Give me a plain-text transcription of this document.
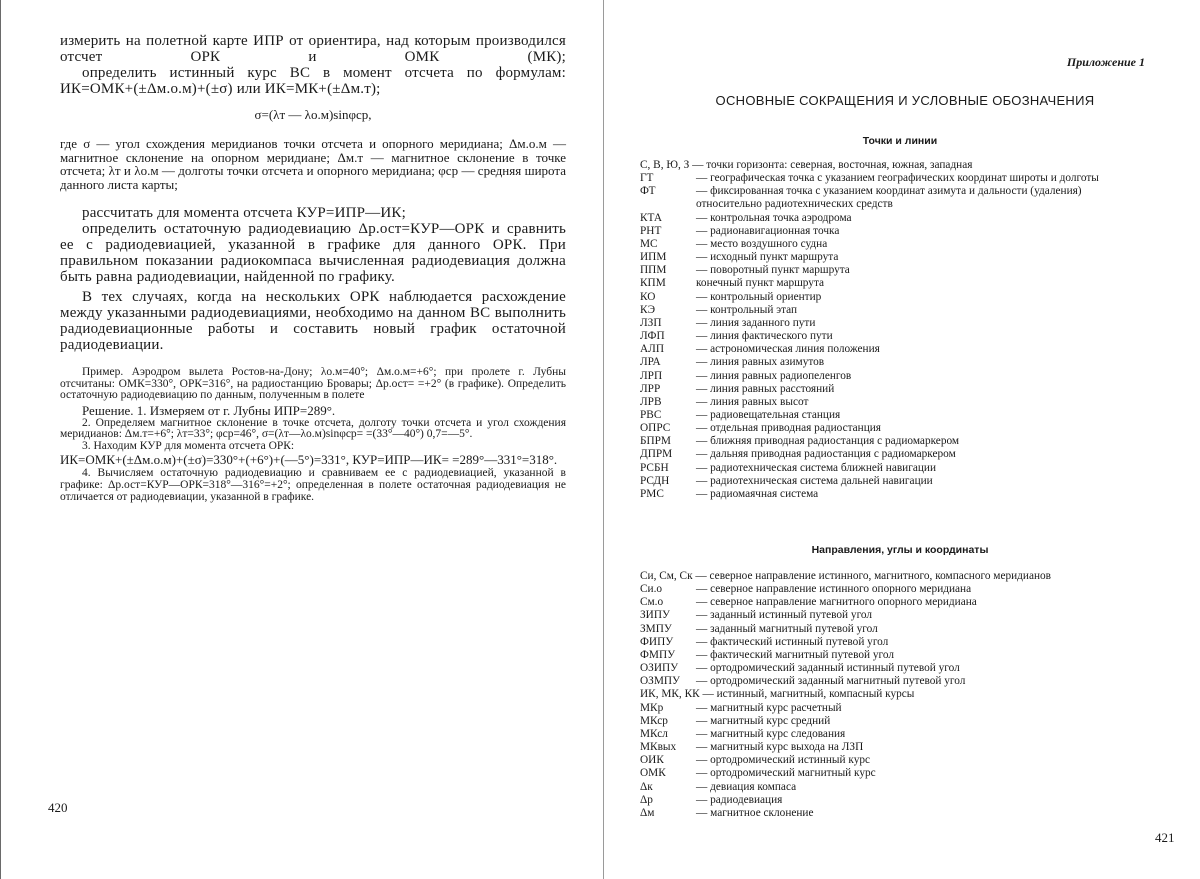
измерить на полетной карте ИПР от ориентира, над которым производился отсчет ОРК и ОМК (МК);

определить истинный курс ВС в момент отсчета по формулам: ИК=ОМК+(±Δм.о.м)+(±σ) или ИК=МК+(±Δм.т);

σ=(λт — λо.м)sinφср,

где σ — угол схождения меридианов точки отсчета и опорного меридиана; Δм.о.м — магнитное склонение на опорном меридиане; Δм.т — магнитное склонение в точке отсчета; λт и λо.м — долготы точки отсчета и опорного меридиана; φср — средняя широта данного листа карты;

рассчитать для момента отсчета КУР=ИПР—ИК;

определить остаточную радиодевиацию Δр.ост=КУР—ОРК и сравнить ее с радиодевиацией, указанной в графике для данного ОРК. При правильном показании радиокомпаса вычисленная радиодевиация должна быть равна радиодевиации, найденной по графику.

В тех случаях, когда на нескольких ОРК наблюдается расхождение между указанными радиодевиациями, необходимо на данном ВС выполнить радиодевиационные работы и составить новый график остаточной радиодевиации.

Пример. Аэродром вылета Ростов-на-Дону; λо.м=40°; Δм.о.м=+6°; при пролете г. Лубны отсчитаны: ОМК=330°, ОРК=316°, на радиостанцию Бровары; Δр.ост= =+2° (в графике). Определить остаточную радиодевиацию по данным, полученным в полете

Решение. 1. Измеряем от г. Лубны ИПР=289°.

2. Определяем магнитное склонение в точке отсчета, долготу точки отсчета и угол схождения меридианов: Δм.т=+6°; λт=33°; φср=46°, σ=(λт—λо.м)sinφср= =(33°—40°) 0,7=—5°.

3. Находим КУР для момента отсчета ОРК:

ИК=ОМК+(±Δм.о.м)+(±σ)=330°+(+6°)+(—5°)=331°, КУР=ИПР—ИК= =289°—331°=318°.

4. Вычисляем остаточную радиодевиацию и сравниваем ее с радиодевиацией, указанной в графике: Δр.ост=КУР—ОРК=318°—316°=+2°; определенная в полете остаточная радиодевиация не отличается от радиодевиации, указанной в графике.

420
Приложение 1
ОСНОВНЫЕ СОКРАЩЕНИЯ И УСЛОВНЫЕ ОБОЗНАЧЕНИЯ
Точки и линии
С, В, Ю, З — точки горизонта: северная, восточная, южная, западная
ГТ	— географическая точка с указанием географических координат широты и долготы
ФТ	— фиксированная точка с указанием координат азимута и дальности (удаления) относительно радиотехнических средств
КТА	— контрольная точка аэродрома
РНТ	— радионавигационная точка
МС	— место воздушного судна
ИПМ	— исходный пункт маршрута
ППМ	— поворотный пункт маршрута
КПМ	конечный пункт маршрута
КО	— контрольный ориентир
КЭ	— контрольный этап
ЛЗП	— линия заданного пути
ЛФП	— линия фактического пути
АЛП	— астрономическая линия положения
ЛРА	— линия равных азимутов
ЛРП	— линия равных радиопеленгов
ЛРР	— линия равных расстояний
ЛРВ	— линия равных высот
РВС	— радиовещательная станция
ОПРС	— отдельная приводная радиостанция
БПРМ	— ближняя приводная радиостанция с радиомаркером
ДПРМ	— дальняя приводная радиостанция с радиомаркером
РСБН	— радиотехническая система ближней навигации
РСДН	— радиотехническая система дальней навигации
РМС	— радиомаячная система
Направления, углы и координаты
Си, См, Ск — северное направление истинного, магнитного, компасного меридианов
Си.о	— северное направление истинного опорного меридиана
См.о	— северное направление магнитного опорного меридиана
ЗИПУ	— заданный истинный путевой угол
ЗМПУ	— заданный магнитный путевой угол
ФИПУ	— фактический истинный путевой угол
ФМПУ	— фактический магнитный путевой угол
ОЗИПУ	— ортодромический заданный истинный путевой угол
ОЗМПУ	— ортодромический заданный магнитный путевой угол
ИК, МК, КК — истинный, магнитный, компасный курсы
МКр	— магнитный курс расчетный
МКср	— магнитный курс средний
МКсл	— магнитный курс следования
МКвых	— магнитный курс выхода на ЛЗП
ОИК	— ортодромический истинный курс
ОМК	— ортодромический магнитный курс
Δк	— девиация компаса
Δр	— радиодевиация
Δм	— магнитное склонение
421
